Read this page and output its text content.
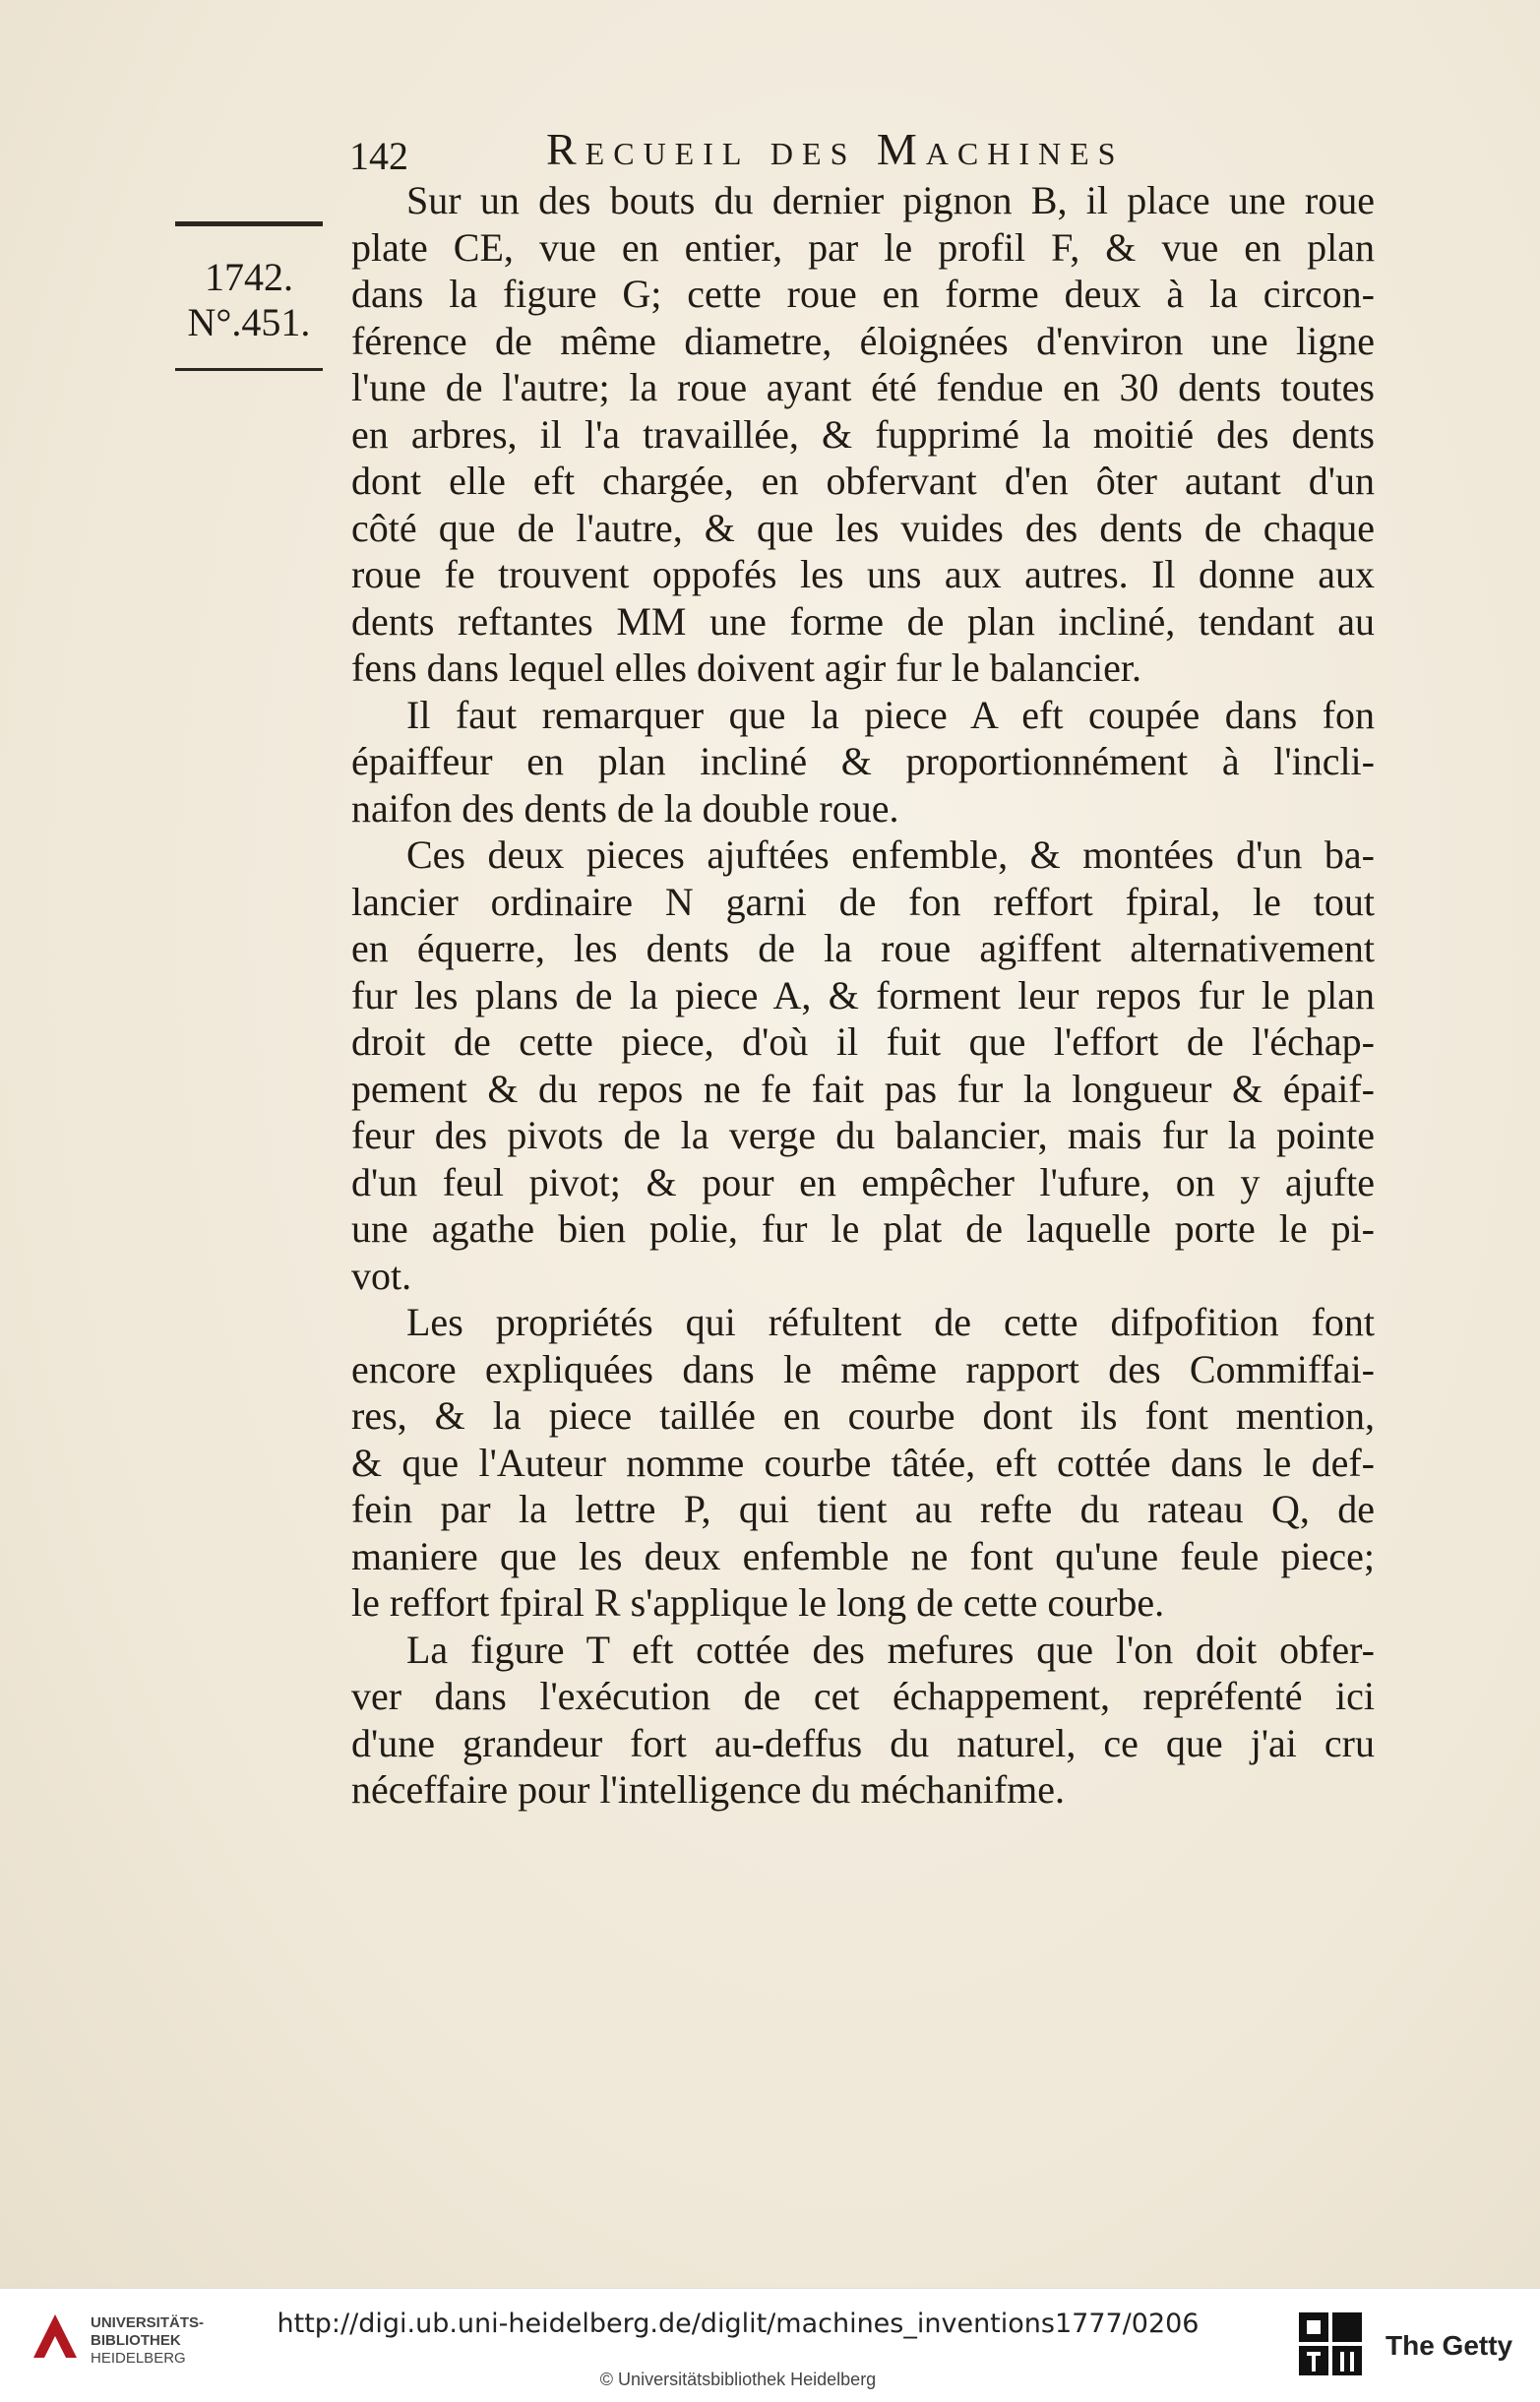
142	Recueil des Machines
1742.
N°.451.
Sur un des bouts du dernier pignon B, il place une roue
plate CE, vue en entier, par le profil F, & vue en plan
dans la figure G; cette roue en forme deux à la circon-
férence de même diametre, éloignées d'environ une ligne
l'une de l'autre; la roue ayant été fendue en 30 dents toutes
en arbres, il l'a travaillée, & fupprimé la moitié des dents
dont elle eft chargée, en obfervant d'en ôter autant d'un
côté que de l'autre, & que les vuides des dents de chaque
roue fe trouvent oppofés les uns aux autres. Il donne aux
dents reftantes MM une forme de plan incliné, tendant au
fens dans lequel elles doivent agir fur le balancier.
Il faut remarquer que la piece A eft coupée dans fon
épaiffeur en plan incliné & proportionnément à l'incli-
naifon des dents de la double roue.
Ces deux pieces ajuftées enfemble, & montées d'un ba-
lancier ordinaire N garni de fon reffort fpiral, le tout
en équerre, les dents de la roue agiffent alternativement
fur les plans de la piece A, & forment leur repos fur le plan
droit de cette piece, d'où il fuit que l'effort de l'échap-
pement & du repos ne fe fait pas fur la longueur & épaif-
feur des pivots de la verge du balancier, mais fur la pointe
d'un feul pivot; & pour en empêcher l'ufure, on y ajufte
une agathe bien polie, fur le plat de laquelle porte le pi-
vot.
Les propriétés qui réfultent de cette difpofition font
encore expliquées dans le même rapport des Commiffai-
res, & la piece taillée en courbe dont ils font mention,
& que l'Auteur nomme courbe tâtée, eft cottée dans le def-
fein par la lettre P, qui tient au refte du rateau Q, de
maniere que les deux enfemble ne font qu'une feule piece;
le reffort fpiral R s'applique le long de cette courbe.
La figure T eft cottée des mefures que l'on doit obfer-
ver dans l'exécution de cet échappement, repréfenté ici
d'une grandeur fort au-deffus du naturel, ce que j'ai cru
néceffaire pour l'intelligence du méchanifme.
UNIVERSITÄTS-
BIBLIOTHEK
HEIDELBERG
http://digi.ub.uni-heidelberg.de/diglit/machines_inventions1777/0206
© Universitätsbibliothek Heidelberg
The Getty
